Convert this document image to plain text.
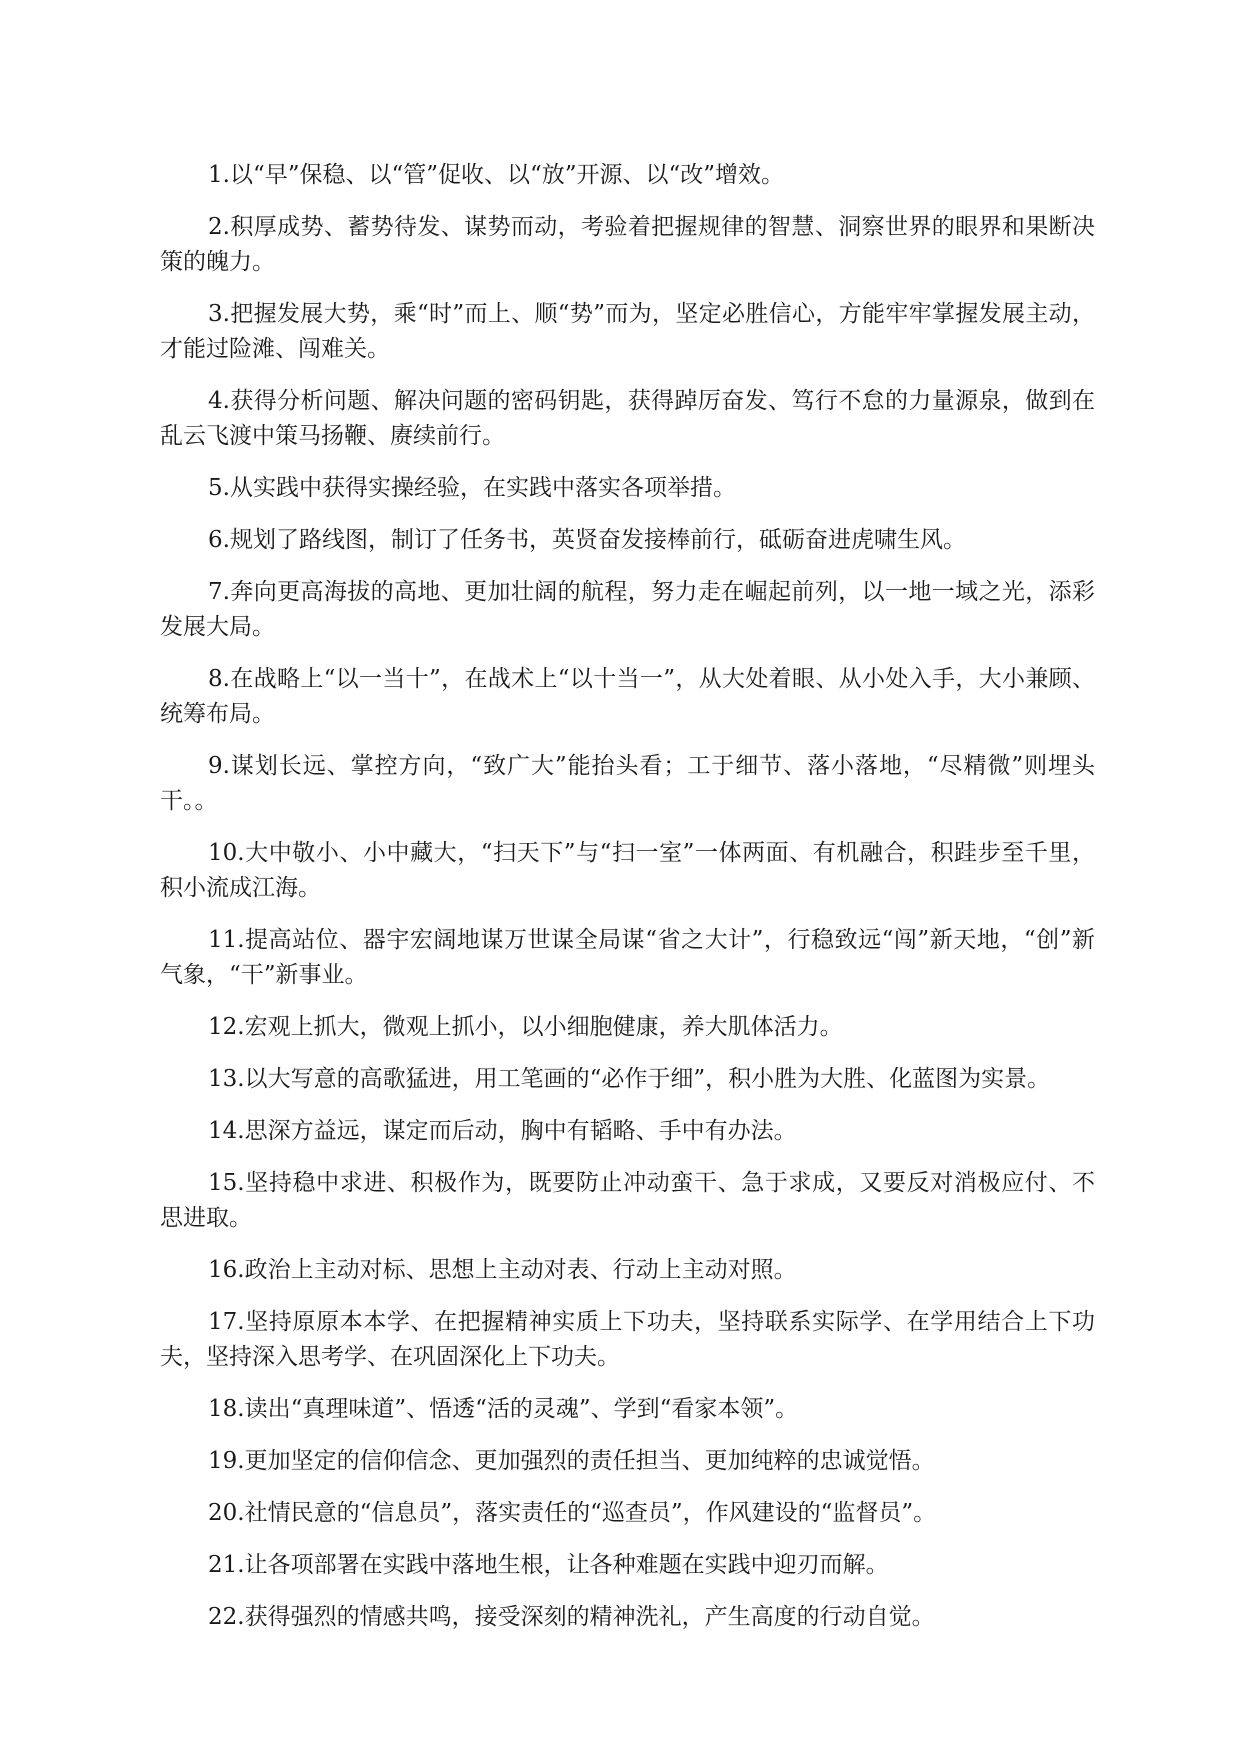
1.以“早”保稳、以“管”促收、以“放”开源、以“改”增效。

2.积厚成势、蓄势待发、谋势而动，考验着把握规律的智慧、洞察世界的眼界和果断决策的魄力。

3.把握发展大势，乘“时”而上、顺“势”而为，坚定必胜信心，方能牢牢掌握发展主动，才能过险滩、闯难关。

4.获得分析问题、解决问题的密码钥匙，获得踔厉奋发、笃行不怠的力量源泉，做到在乱云飞渡中策马扬鞭、赓续前行。

5.从实践中获得实操经验，在实践中落实各项举措。

6.规划了路线图，制订了任务书，英贤奋发接棒前行，砥砺奋进虎啸生风。

7.奔向更高海拔的高地、更加壮阔的航程，努力走在崛起前列，以一地一域之光，添彩发展大局。

8.在战略上“以一当十”，在战术上“以十当一”，从大处着眼、从小处入手，大小兼顾、统筹布局。

9.谋划长远、掌控方向，“致广大”能抬头看；工于细节、落小落地，“尽精微”则埋头干。。

10.大中敬小、小中藏大，“扫天下”与“扫一室”一体两面、有机融合，积跬步至千里，积小流成江海。

11.提高站位、器宇宏阔地谋万世谋全局谋“省之大计”，行稳致远“闯”新天地，“创”新气象，“干”新事业。

12.宏观上抓大，微观上抓小，以小细胞健康，养大肌体活力。

13.以大写意的高歌猛进，用工笔画的“必作于细”，积小胜为大胜、化蓝图为实景。

14.思深方益远，谋定而后动，胸中有韬略、手中有办法。

15.坚持稳中求进、积极作为，既要防止冲动蛮干、急于求成，又要反对消极应付、不思进取。

16.政治上主动对标、思想上主动对表、行动上主动对照。

17.坚持原原本本学、在把握精神实质上下功夫，坚持联系实际学、在学用结合上下功夫，坚持深入思考学、在巩固深化上下功夫。

18.读出“真理味道”、悟透“活的灵魂”、学到“看家本领”。

19.更加坚定的信仰信念、更加强烈的责任担当、更加纯粹的忠诚觉悟。

20.社情民意的“信息员”，落实责任的“巡查员”，作风建设的“监督员”。

21.让各项部署在实践中落地生根，让各种难题在实践中迎刃而解。

22.获得强烈的情感共鸣，接受深刻的精神洗礼，产生高度的行动自觉。
